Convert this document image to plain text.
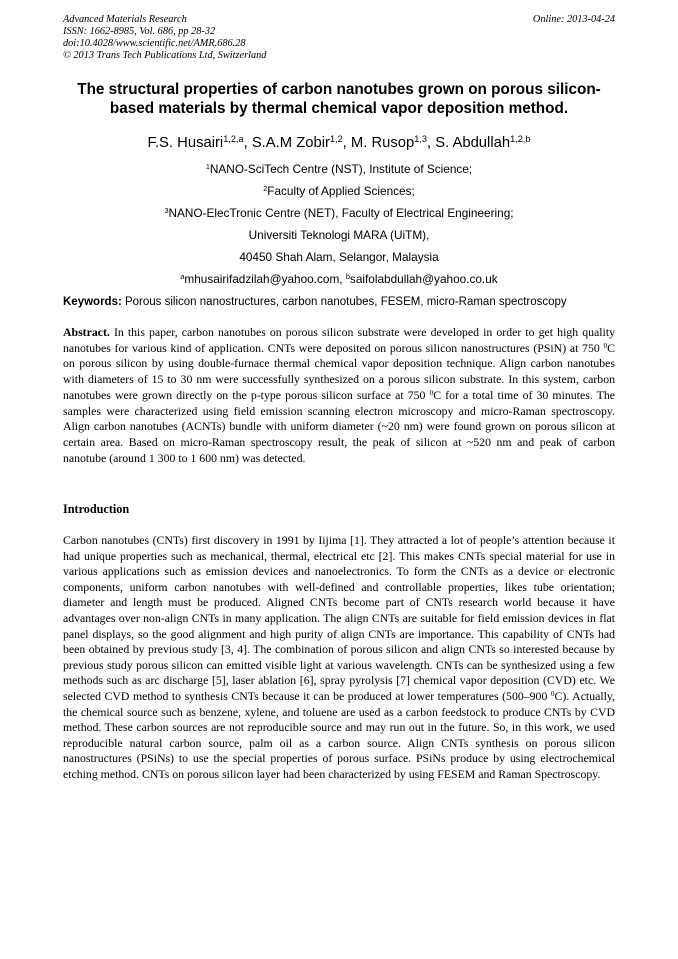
Advanced Materials Research
ISSN: 1662-8985, Vol. 686, pp 28-32
doi:10.4028/www.scientific.net/AMR.686.28
© 2013 Trans Tech Publications Ltd, Switzerland
Online: 2013-04-24
The structural properties of carbon nanotubes grown on porous silicon-based materials by thermal chemical vapor deposition method.
F.S. Husairi$^{1,2,a}$, S.A.M Zobir$^{1,2}$, M. Rusop$^{1,3}$, S. Abdullah$^{1,2,b}$
$^1$NANO-SciTech Centre (NST), Institute of Science;
$^2$Faculty of Applied Sciences;
$^3$NANO-ElecTronic Centre (NET), Faculty of Electrical Engineering;
Universiti Teknologi MARA (UiTM),
40450 Shah Alam, Selangor, Malaysia
$^a$mhusairifadzilah@yahoo.com, $^b$saifolabdullah@yahoo.co.uk
Keywords: Porous silicon nanostructures, carbon nanotubes, FESEM, micro-Raman spectroscopy
Abstract. In this paper, carbon nanotubes on porous silicon substrate were developed in order to get high quality nanotubes for various kind of application. CNTs were deposited on porous silicon nanostructures (PSiN) at 750 $^0$C on porous silicon by using double-furnace thermal chemical vapor deposition technique. Align carbon nanotubes with diameters of 15 to 30 nm were successfully synthesized on a porous silicon substrate. In this system, carbon nanotubes were grown directly on the p-type porous silicon surface at 750 $^0$C for a total time of 30 minutes. The samples were characterized using field emission scanning electron microscopy and micro-Raman spectroscopy. Align carbon nanotubes (ACNTs) bundle with uniform diameter (~20 nm) were found grown on porous silicon at certain area. Based on micro-Raman spectroscopy result, the peak of silicon at ~520 nm and peak of carbon nanotube (around 1 300 to 1 600 nm) was detected.
Introduction
Carbon nanotubes (CNTs) first discovery in 1991 by Iijima [1]. They attracted a lot of people’s attention because it had unique properties such as mechanical, thermal, electrical etc [2]. This makes CNTs special material for use in various applications such as emission devices and nanoelectronics. To form the CNTs as a device or electronic components, uniform carbon nanotubes with well-defined and controllable properties, likes tube orientation; diameter and length must be produced. Aligned CNTs become part of CNTs research world because it have advantages over non-align CNTs in many application. The align CNTs are suitable for field emission devices in flat panel displays, so the good alignment and high purity of align CNTs are importance. This capability of CNTs had been obtained by previous study [3, 4]. The combination of porous silicon and align CNTs so interested because by previous study porous silicon can emitted visible light at various wavelength. CNTs can be synthesized using a few methods such as arc discharge [5], laser ablation [6], spray pyrolysis [7] chemical vapor deposition (CVD) etc. We selected CVD method to synthesis CNTs because it can be produced at lower temperatures (500–900 $^0$C). Actually, the chemical source such as benzene, xylene, and toluene are used as a carbon feedstock to produce CNTs by CVD method. These carbon sources are not reproducible source and may run out in the future. So, in this work, we used reproducible natural carbon source, palm oil as a carbon source. Align CNTs synthesis on porous silicon nanostructures (PSiNs) to use the special properties of porous surface. PSiNs produce by using electrochemical etching method. CNTs on porous silicon layer had been characterized by using FESEM and Raman Spectroscopy.
